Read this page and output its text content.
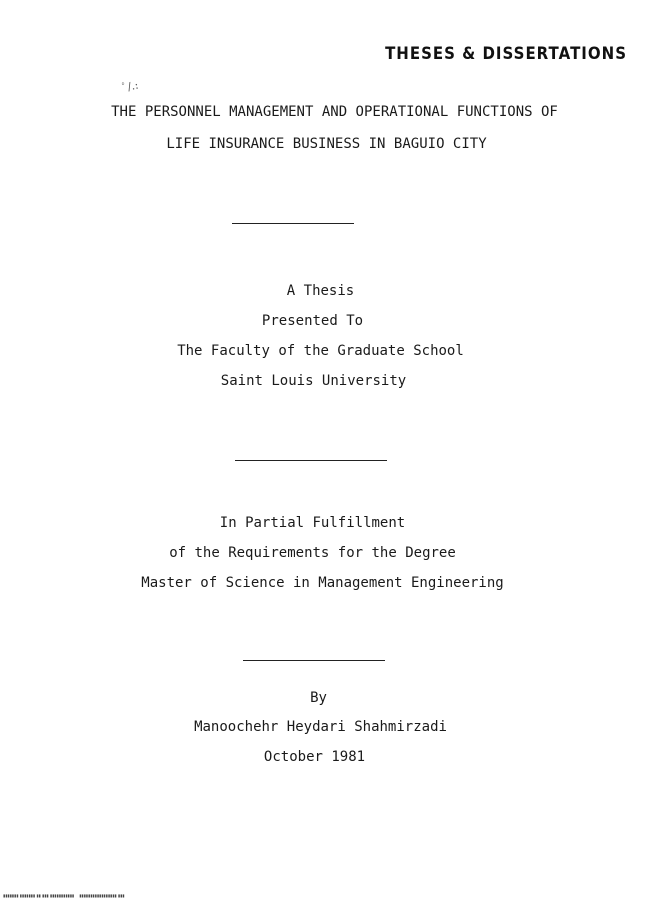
THESES & DISSERTATIONS
ﾟ/.:
THE PERSONNEL MANAGEMENT AND OPERATIONAL FUNCTIONS OF
LIFE INSURANCE BUSINESS IN BAGUIO CITY
A Thesis
Presented To
The Faculty of the Graduate School
Saint Louis University
In Partial Fulfillment
of the Requirements for the Degree
Master of Science in Management Engineering
By
Manoochehr Heydari Shahmirzadi
October 1981
▮▮▮▮▮▮▮ ▮▮▮▮▮▮▮ ▮▮ ▮▮▮ ▮▮▮▮▮▮▮▮▮▮▮    ▮▮▮▮▮▮▮▮▮▮▮▮▮▮▮▮▮ ▮▮▮
